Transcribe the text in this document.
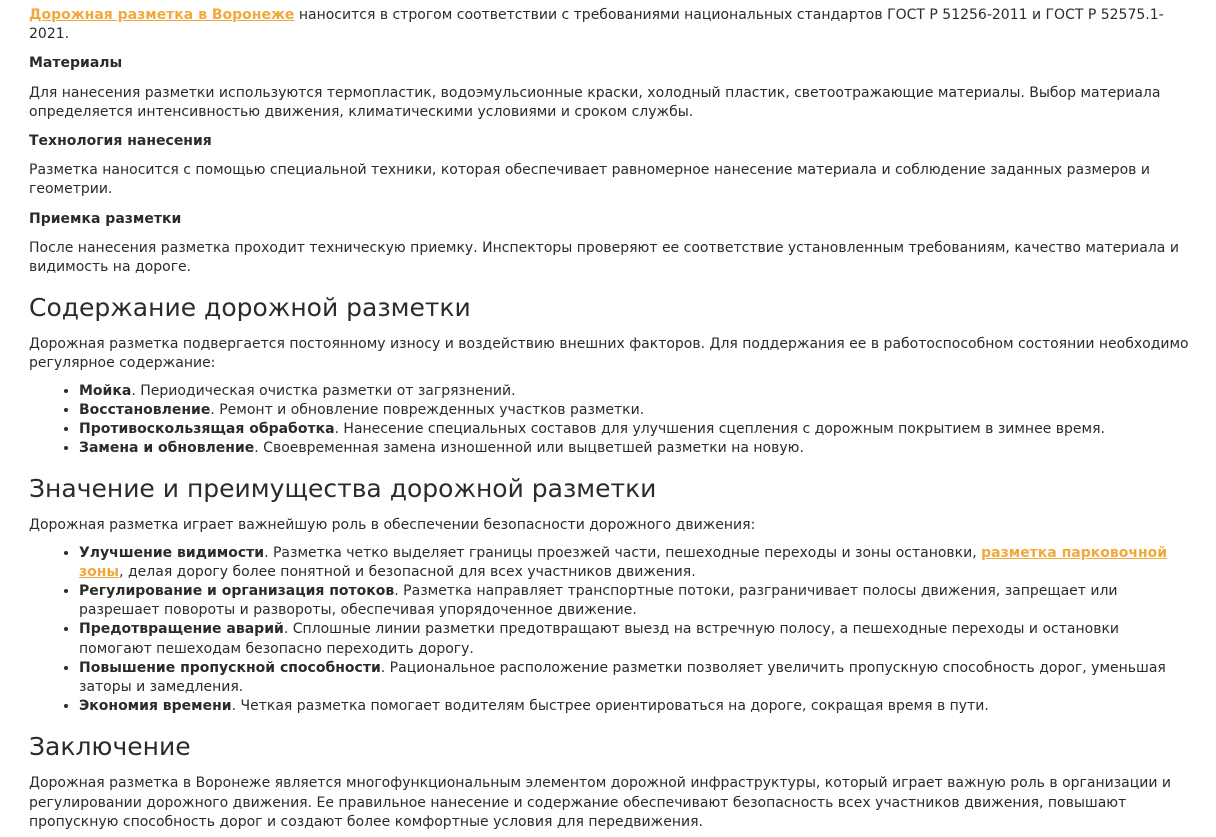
Дорожная разметка в Воронеже наносится в строгом соответствии с требованиями национальных стандартов ГОСТ Р 51256-2011 и ГОСТ Р 52575.1-2021.

Материалы

Для нанесения разметки используются термопластик, водоэмульсионные краски, холодный пластик, светоотражающие материалы. Выбор материала определяется интенсивностью движения, климатическими условиями и сроком службы.

Технология нанесения

Разметка наносится с помощью специальной техники, которая обеспечивает равномерное нанесение материала и соблюдение заданных размеров и геометрии.

Приемка разметки

После нанесения разметка проходит техническую приемку. Инспекторы проверяют ее соответствие установленным требованиям, качество материала и видимость на дороге.

Содержание дорожной разметки

Дорожная разметка подвергается постоянному износу и воздействию внешних факторов. Для поддержания ее в работоспособном состоянии необходимо регулярное содержание:

• Мойка. Периодическая очистка разметки от загрязнений.
• Восстановление. Ремонт и обновление поврежденных участков разметки.
• Противоскользящая обработка. Нанесение специальных составов для улучшения сцепления с дорожным покрытием в зимнее время.
• Замена и обновление. Своевременная замена изношенной или выцветшей разметки на новую.
Значение и преимущества дорожной разметки

Дорожная разметка играет важнейшую роль в обеспечении безопасности дорожного движения:

• Улучшение видимости. Разметка четко выделяет границы проезжей части, пешеходные переходы и зоны остановки, разметка парковочной зоны, делая дорогу более понятной и безопасной для всех участников движения.
• Регулирование и организация потоков. Разметка направляет транспортные потоки, разграничивает полосы движения, запрещает или разрешает повороты и развороты, обеспечивая упорядоченное движение.
• Предотвращение аварий. Сплошные линии разметки предотвращают выезд на встречную полосу, а пешеходные переходы и остановки помогают пешеходам безопасно переходить дорогу.
• Повышение пропускной способности. Рациональное расположение разметки позволяет увеличить пропускную способность дорог, уменьшая заторы и замедления.
• Экономия времени. Четкая разметка помогает водителям быстрее ориентироваться на дороге, сокращая время в пути.
Заключение

Дорожная разметка в Воронеже является многофункциональным элементом дорожной инфраструктуры, который играет важную роль в организации и регулировании дорожного движения. Ее правильное нанесение и содержание обеспечивают безопасность всех участников движения, повышают пропускную способность дорог и создают более комфортные условия для передвижения.
